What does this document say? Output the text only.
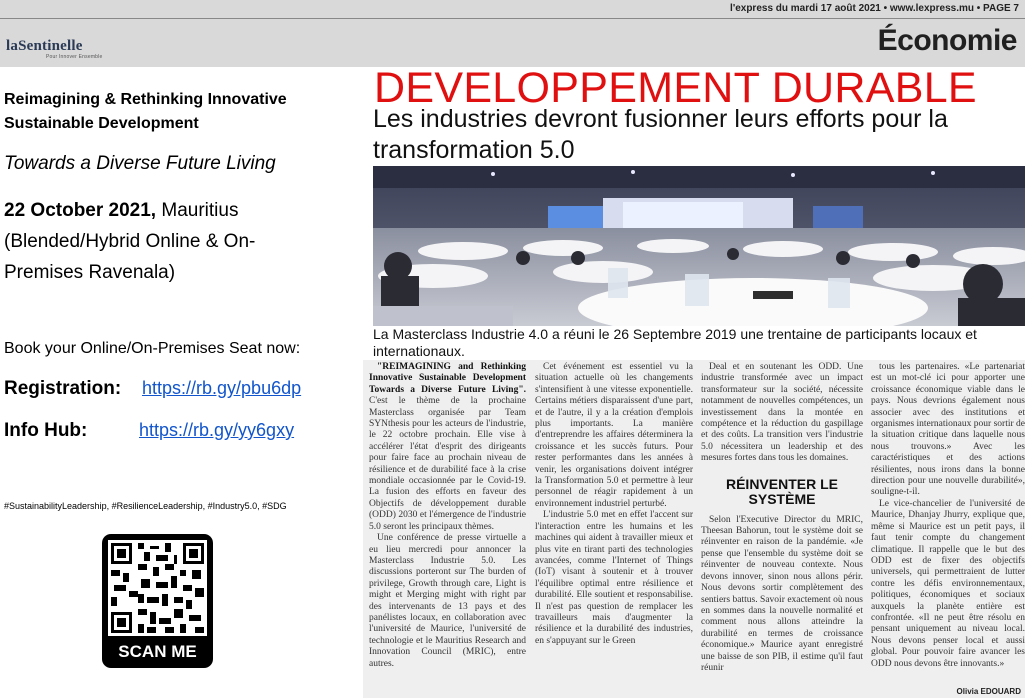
l'express du mardi 17 août 2021 • www.lexpress.mu • PAGE 7
laSentinelle
Pour Innover Ensemble	Économie
Reimagining & Rethinking Innovative
Sustainable Development
Towards a Diverse Future Living
22 October 2021, Mauritius
(Blended/Hybrid Online & On-
Premises Ravenala)
Book your Online/On-Premises Seat now:
Registration: https://rb.gy/pbu6dp
Info Hub:	https://rb.gy/yy6gxy
#SustainabilityLeadership, #ResilienceLeadership, #Industry5.0, #SDG
SCAN ME
DEVELOPPEMENT DURABLE
Les industries devront fusionner leurs efforts pour la transformation 5.0
La Masterclass Industrie 4.0 a réuni le 26 Septembre 2019 une trentaine de participants locaux et internationaux.

"REIMAGINING and Rethinking Innovative Sustainable Development Towards a Diverse Future Living". C'est le thème de la prochaine Masterclass organisée par Team SYNthesis pour les acteurs de l'industrie, le 22 octobre prochain. Elle vise à accélérer l'état d'esprit des dirigeants pour faire face au prochain niveau de résilience et de durabilité face à la crise mondiale occasionnée par le Covid-19. La fusion des efforts en faveur des Objectifs de développement durable (ODD) 2030 et l'émergence de l'industrie 5.0 seront les principaux thèmes.

Une conférence de presse virtuelle a eu lieu mercredi pour annoncer la Masterclass Industrie 5.0. Les discussions porteront sur The burden of privilege, Growth through care, Light is might et Merging might with right par des intervenants de 13 pays et des panélistes locaux, en collaboration avec l'université de Maurice, l'université de technologie et le Mauritius Research and Innovation Council (MRIC), entre autres.

Cet événement est essentiel vu la situation actuelle où les changements s'intensifient à une vitesse exponentielle. Certains métiers disparaissent d'une part, et de l'autre, il y a la création d'emplois plus importants. La manière d'entreprendre les affaires déterminera la croissance et les succès futurs. Pour rester performantes dans les années à venir, les organisations doivent intégrer la Transformation 5.0 et permettre à leur personnel de réagir rapidement à un environnement industriel perturbé.

L'industrie 5.0 met en effet l'accent sur l'interaction entre les humains et les machines qui aident à travailler mieux et plus vite en tirant parti des technologies avancées, comme l'Internet of Things (IoT) visant à soutenir et à trouver l'équilibre optimal entre résilience et durabilité. Elle soutient et responsabilise. Il n'est pas question de remplacer les travailleurs mais d'augmenter la résilience et la durabilité des industries, en s'appuyant sur le Green

Deal et en soutenant les ODD. Une industrie transformée avec un impact transformateur sur la société, nécessite notamment de nouvelles compétences, un investissement dans la montée en compétence et la réduction du gaspillage et des coûts. La transition vers l'industrie 5.0 nécessitera un leadership et des mesures fortes dans tous les domaines.

RÉINVENTER LE SYSTÈME

Selon l'Executive Director du MRIC, Theesan Bahorun, tout le système doit se réinventer en raison de la pandémie. «Je pense que l'ensemble du système doit se réinventer de nouveau contexte. Nous devons innover, sinon nous allons périr. Nous devons sortir complètement des sentiers battus. Savoir exactement où nous en sommes dans la nouvelle normalité et comment nous allons atteindre la durabilité en termes de croissance économique.» Maurice ayant enregistré une baisse de son PIB, il estime qu'il faut réunir

tous les partenaires. «Le partenariat est un mot-clé ici pour apporter une croissance économique viable dans le pays. Nous devrions également nous associer avec des institutions et organismes internationaux pour sortir de la situation critique dans laquelle nous nous trouvons.» Avec les caractéristiques et des actions résilientes, nous irons dans la bonne direction pour une nouvelle durabilité», souligne-t-il.

Le vice-chancelier de l'université de Maurice, Dhanjay Jhurry, explique que, même si Maurice est un petit pays, il faut tenir compte du changement climatique. Il rappelle que le but des ODD est de fixer des objectifs universels, qui permettraient de lutter contre les défis environnementaux, politiques, économiques et sociaux auxquels la planète entière est confrontée. «Il ne peut être résolu en pensant uniquement au niveau local. Nous devons penser local et aussi global. Pour pouvoir faire avancer les ODD nous devons être innovants.»

Olivia EDOUARD
